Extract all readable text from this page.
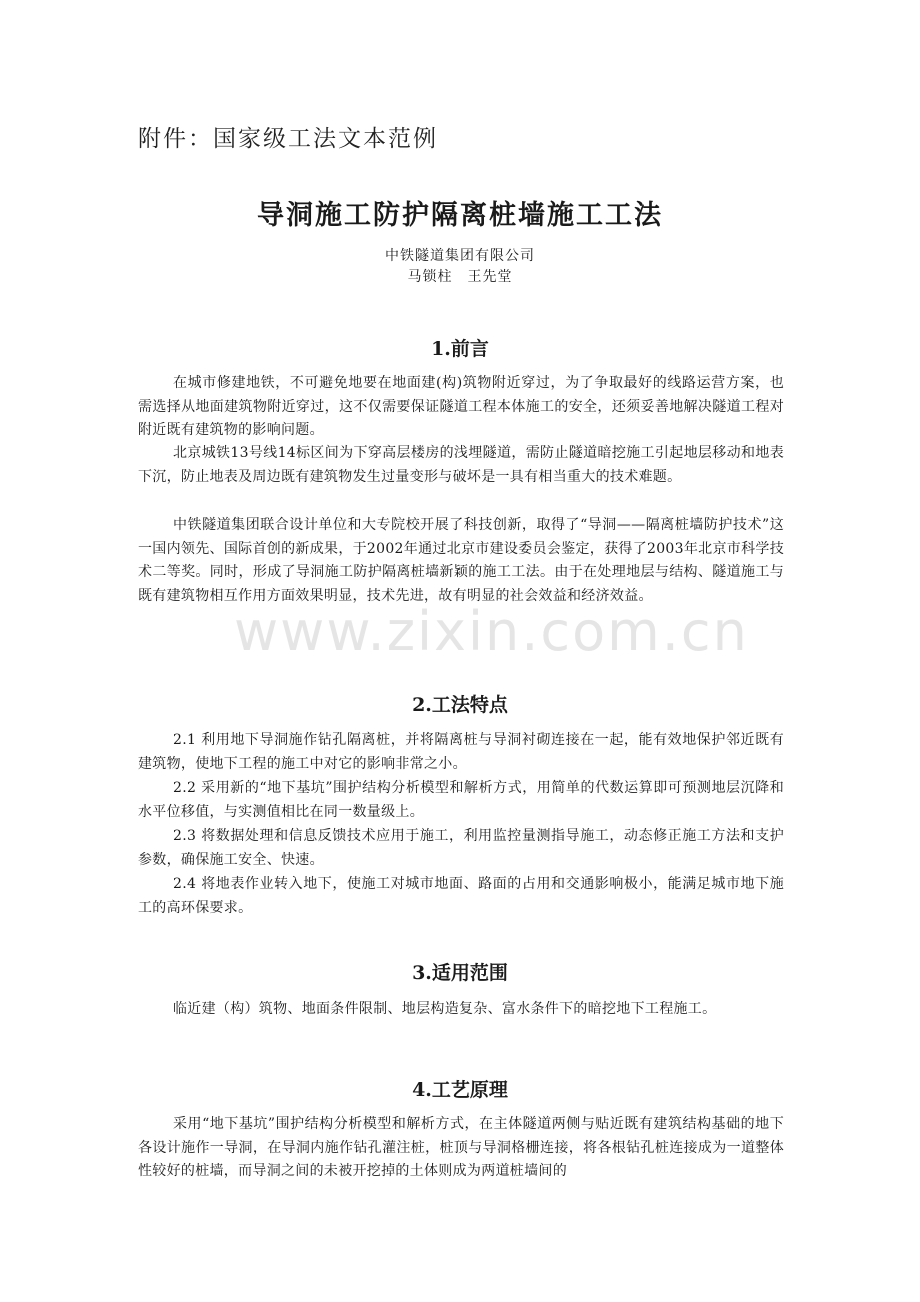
www.zixin.com.cn
附件：国家级工法文本范例
导洞施工防护隔离桩墙施工工法
中铁隧道集团有限公司
马锁柱　王先堂
1.前言

在城市修建地铁，不可避免地要在地面建(构)筑物附近穿过，为了争取最好的线路运营方案，也需选择从地面建筑物附近穿过，这不仅需要保证隧道工程本体施工的安全，还须妥善地解决隧道工程对附近既有建筑物的影响问题。

北京城铁13号线14标区间为下穿高层楼房的浅埋隧道，需防止隧道暗挖施工引起地层移动和地表下沉，防止地表及周边既有建筑物发生过量变形与破坏是一具有相当重大的技术难题。

中铁隧道集团联合设计单位和大专院校开展了科技创新，取得了“导洞——隔离桩墙防护技术”这一国内领先、国际首创的新成果，于2002年通过北京市建设委员会鉴定，获得了2003年北京市科学技术二等奖。同时，形成了导洞施工防护隔离桩墙新颖的施工工法。由于在处理地层与结构、隧道施工与既有建筑物相互作用方面效果明显，技术先进，故有明显的社会效益和经济效益。

2.工法特点

2.1 利用地下导洞施作钻孔隔离桩，并将隔离桩与导洞衬砌连接在一起，能有效地保护邻近既有建筑物，使地下工程的施工中对它的影响非常之小。

2.2 采用新的“地下基坑”围护结构分析模型和解析方式，用简单的代数运算即可预测地层沉降和水平位移值，与实测值相比在同一数量级上。

2.3 将数据处理和信息反馈技术应用于施工，利用监控量测指导施工，动态修正施工方法和支护参数，确保施工安全、快速。

2.4 将地表作业转入地下，使施工对城市地面、路面的占用和交通影响极小，能满足城市地下施工的高环保要求。

3.适用范围

临近建（构）筑物、地面条件限制、地层构造复杂、富水条件下的暗挖地下工程施工。

4.工艺原理

采用“地下基坑”围护结构分析模型和解析方式，在主体隧道两侧与贴近既有建筑结构基础的地下各设计施作一导洞，在导洞内施作钻孔灌注桩，桩顶与导洞格栅连接，将各根钻孔桩连接成为一道整体性较好的桩墙，而导洞之间的未被开挖掉的土体则成为两道桩墙间的
